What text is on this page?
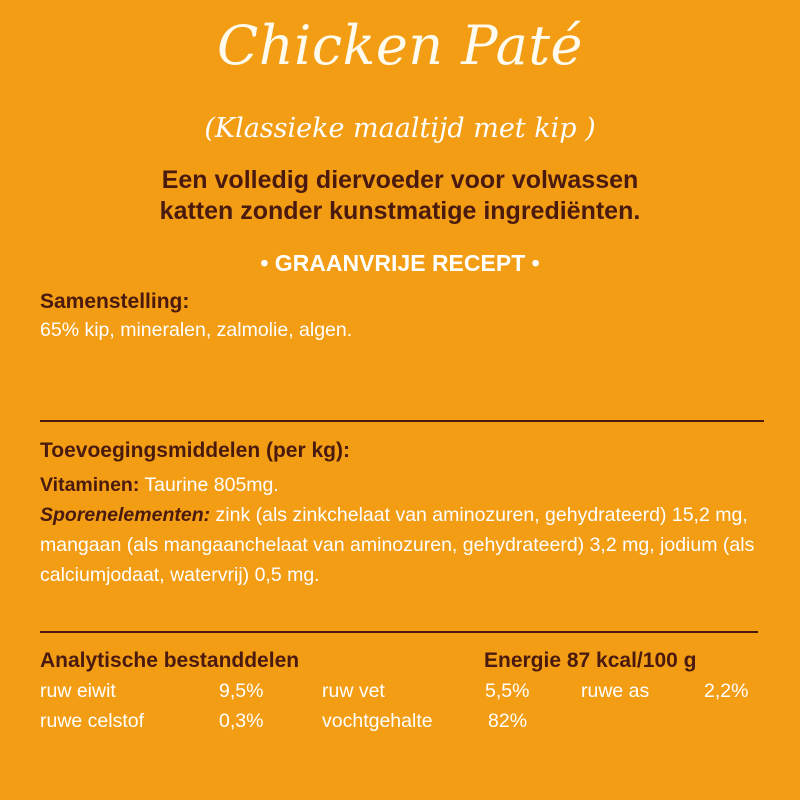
Chicken Paté
(Klassieke maaltijd met kip )
Een volledig diervoeder voor volwassen
katten zonder kunstmatige ingrediënten.
• GRAANVRIJE RECEPT •
Samenstelling:
65% kip, mineralen, zalmolie, algen.
Toevoegingsmiddelen (per kg):
Vitaminen: Taurine 805mg.
Sporenelementen: zink (als zinkchelaat van aminozuren, gehydrateerd) 15,2 mg, mangaan (als mangaanchelaat van aminozuren, gehydrateerd) 3,2 mg, jodium (als calciumjodaat, watervrij) 0,5 mg.
Analytische bestanddelen	Energie 87 kcal/100 g
ruw eiwit	9,5%	ruw vet	5,5%	ruwe as	2,2%
ruwe celstof	0,3%	vochtgehalte	82%
